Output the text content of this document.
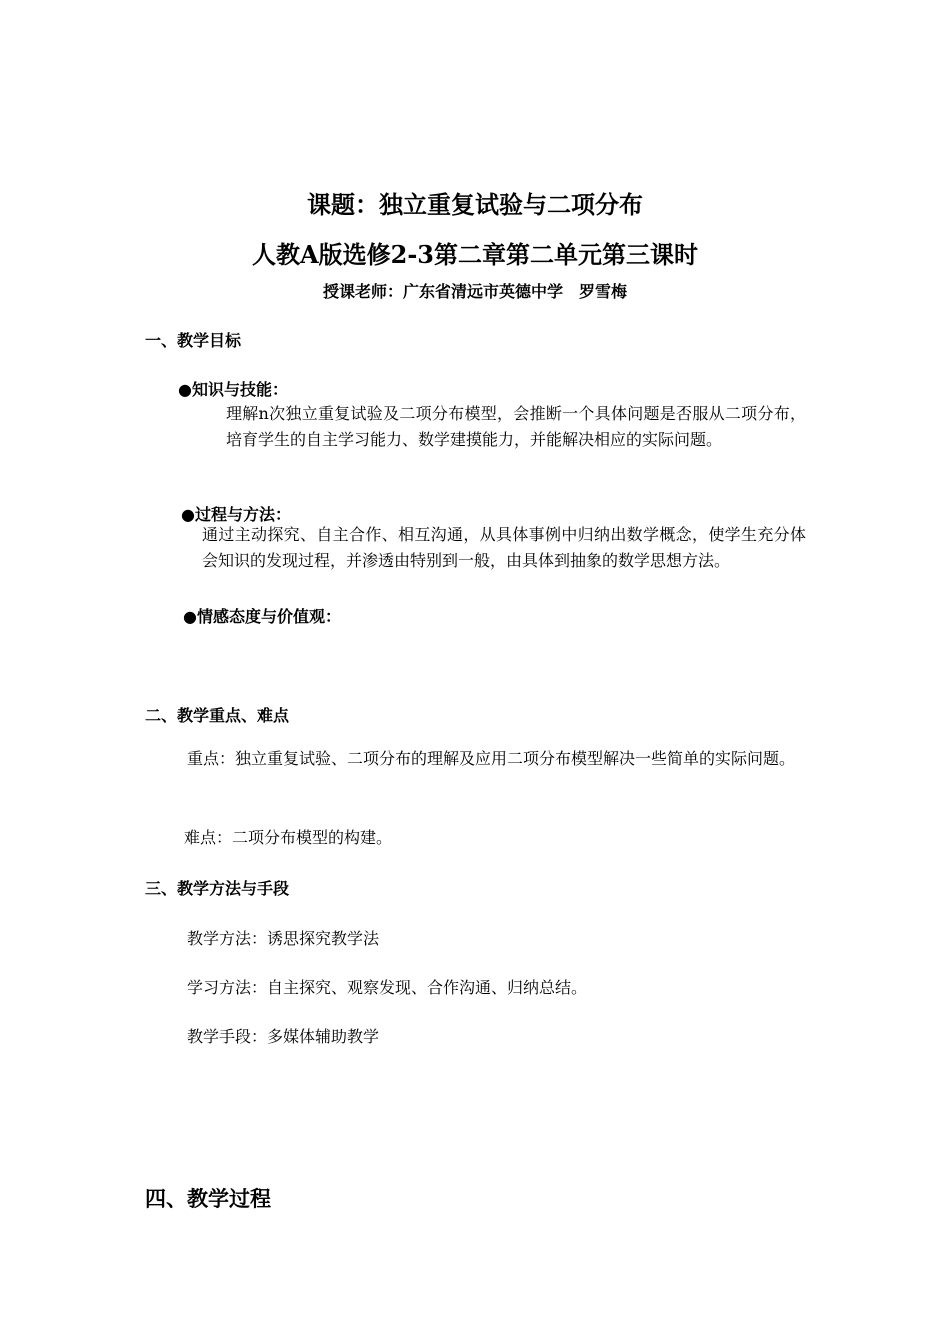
课题：独立重复试验与二项分布
人教A版选修2-3第二章第二单元第三课时
授课老师：广东省清远市英德中学　罗雪梅
一、教学目标
●知识与技能：
理解n次独立重复试验及二项分布模型，会推断一个具体问题是否服从二项分布，培育学生的自主学习能力、数学建摸能力，并能解决相应的实际问题。
●过程与方法：
通过主动探究、自主合作、相互沟通，从具体事例中归纳出数学概念，使学生充分体会知识的发现过程，并渗透由特别到一般，由具体到抽象的数学思想方法。
●情感态度与价值观：
二、教学重点、难点
重点：独立重复试验、二项分布的理解及应用二项分布模型解决一些简单的实际问题。
难点：二项分布模型的构建。
三、教学方法与手段
教学方法：诱思探究教学法
学习方法：自主探究、观察发现、合作沟通、归纳总结。
教学手段：多媒体辅助教学
四、教学过程
